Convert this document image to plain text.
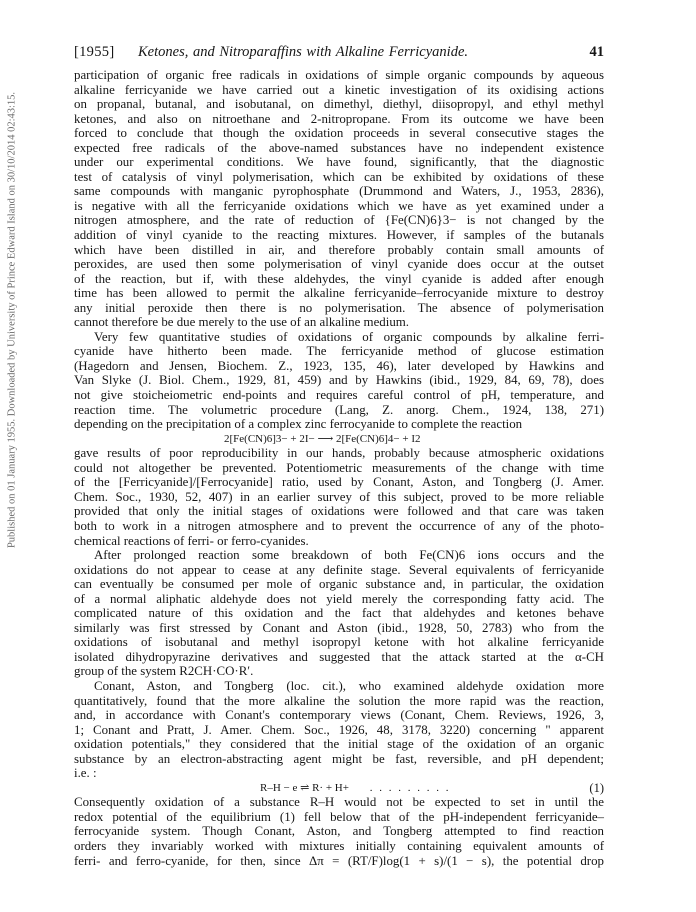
Published on 01 January 1955. Downloaded by University of Prince Edward Island on 30/10/2014 02:43:15.
[1955] Ketones, and Nitroparaffins with Alkaline Ferricyanide.	41
participation of organic free radicals in oxidations of simple organic compounds by aqueous
alkaline ferricyanide we have carried out a kinetic investigation of its oxidising actions
on propanal, butanal, and isobutanal, on dimethyl, diethyl, diisopropyl, and ethyl methyl
ketones, and also on nitroethane and 2-nitropropane. From its outcome we have been
forced to conclude that though the oxidation proceeds in several consecutive stages the
expected free radicals of the above-named substances have no independent existence
under our experimental conditions. We have found, significantly, that the diagnostic
test of catalysis of vinyl polymerisation, which can be exhibited by oxidations of these
same compounds with manganic pyrophosphate (Drummond and Waters, J., 1953, 2836),
is negative with all the ferricyanide oxidations which we have as yet examined under a
nitrogen atmosphere, and the rate of reduction of {Fe(CN)6}3− is not changed by the
addition of vinyl cyanide to the reacting mixtures. However, if samples of the butanals
which have been distilled in air, and therefore probably contain small amounts of
peroxides, are used then some polymerisation of vinyl cyanide does occur at the outset
of the reaction, but if, with these aldehydes, the vinyl cyanide is added after enough
time has been allowed to permit the alkaline ferricyanide–ferrocyanide mixture to destroy
any initial peroxide then there is no polymerisation. The absence of polymerisation
cannot therefore be due merely to the use of an alkaline medium.
Very few quantitative studies of oxidations of organic compounds by alkaline ferri-
cyanide have hitherto been made. The ferricyanide method of glucose estimation
(Hagedorn and Jensen, Biochem. Z., 1923, 135, 46), later developed by Hawkins and
Van Slyke (J. Biol. Chem., 1929, 81, 459) and by Hawkins (ibid., 1929, 84, 69, 78), does
not give stoicheiometric end-points and requires careful control of pH, temperature, and
reaction time. The volumetric procedure (Lang, Z. anorg. Chem., 1924, 138, 271)
depending on the precipitation of a complex zinc ferrocyanide to complete the reaction
2[Fe(CN)6]3− + 2I− ⟶ 2[Fe(CN)6]4− + I2
gave results of poor reproducibility in our hands, probably because atmospheric oxidations
could not altogether be prevented. Potentiometric measurements of the change with time
of the [Ferricyanide]/[Ferrocyanide] ratio, used by Conant, Aston, and Tongberg (J. Amer.
Chem. Soc., 1930, 52, 407) in an earlier survey of this subject, proved to be more reliable
provided that only the initial stages of oxidations were followed and that care was taken
both to work in a nitrogen atmosphere and to prevent the occurrence of any of the photo-
chemical reactions of ferri- or ferro-cyanides.
After prolonged reaction some breakdown of both Fe(CN)6 ions occurs and the
oxidations do not appear to cease at any definite stage. Several equivalents of ferricyanide
can eventually be consumed per mole of organic substance and, in particular, the oxidation
of a normal aliphatic aldehyde does not yield merely the corresponding fatty acid. The
complicated nature of this oxidation and the fact that aldehydes and ketones behave
similarly was first stressed by Conant and Aston (ibid., 1928, 50, 2783) who from the
oxidations of isobutanal and methyl isopropyl ketone with hot alkaline ferricyanide
isolated dihydropyrazine derivatives and suggested that the attack started at the α-CH
group of the system R2CH·CO·R′.
Conant, Aston, and Tongberg (loc. cit.), who examined aldehyde oxidation more
quantitatively, found that the more alkaline the solution the more rapid was the reaction,
and, in accordance with Conant's contemporary views (Conant, Chem. Reviews, 1926, 3,
1; Conant and Pratt, J. Amer. Chem. Soc., 1926, 48, 3178, 3220) concerning " apparent
oxidation potentials," they considered that the initial stage of the oxidation of an organic
substance by an electron-abstracting agent might be fast, reversible, and pH dependent;
i.e. :
R–H − e ⇌ R· + H+ . . . . . . . . .	(1)
Consequently oxidation of a substance R–H would not be expected to set in until the
redox potential of the equilibrium (1) fell below that of the pH-independent ferricyanide–
ferrocyanide system. Though Conant, Aston, and Tongberg attempted to find reaction
orders they invariably worked with mixtures initially containing equivalent amounts of
ferri- and ferro-cyanide, for then, since Δπ = (RT/F)log(1 + s)/(1 − s), the potential drop
